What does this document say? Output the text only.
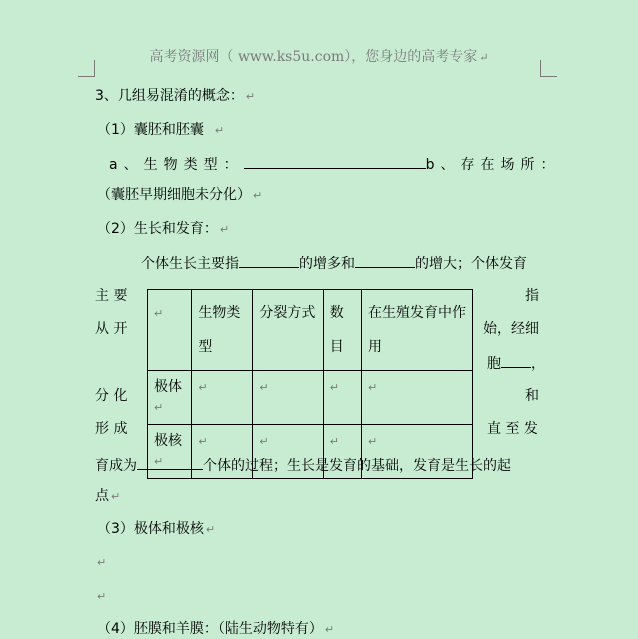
高考资源网（ www.ks5u.com），您身边的高考专家 ↵
3、几组易混淆的概念： ↵
（1）囊胚和胚囊 ↵
a、生物类型：	b、存在场所：
（囊胚早期细胞未分化） ↵
（2）生长和发育： ↵
个体生长主要指	的增多和	的增大；个体发育
主 要
从 开
分 化
形 成
指
始，经细
胞 ，
和
直 至 发
↵	生物类型	分裂方式	数目	在生殖发育中作用

极体↵	↵	↵	↵	↵

极核↵	↵	↵	↵	↵
育成为	个体的过程；生长是发育的基础，发育是生长的起
点 ↵
（3）极体和极核 ↵
↵
↵
（4）胚膜和羊膜：（陆生动物特有） ↵
